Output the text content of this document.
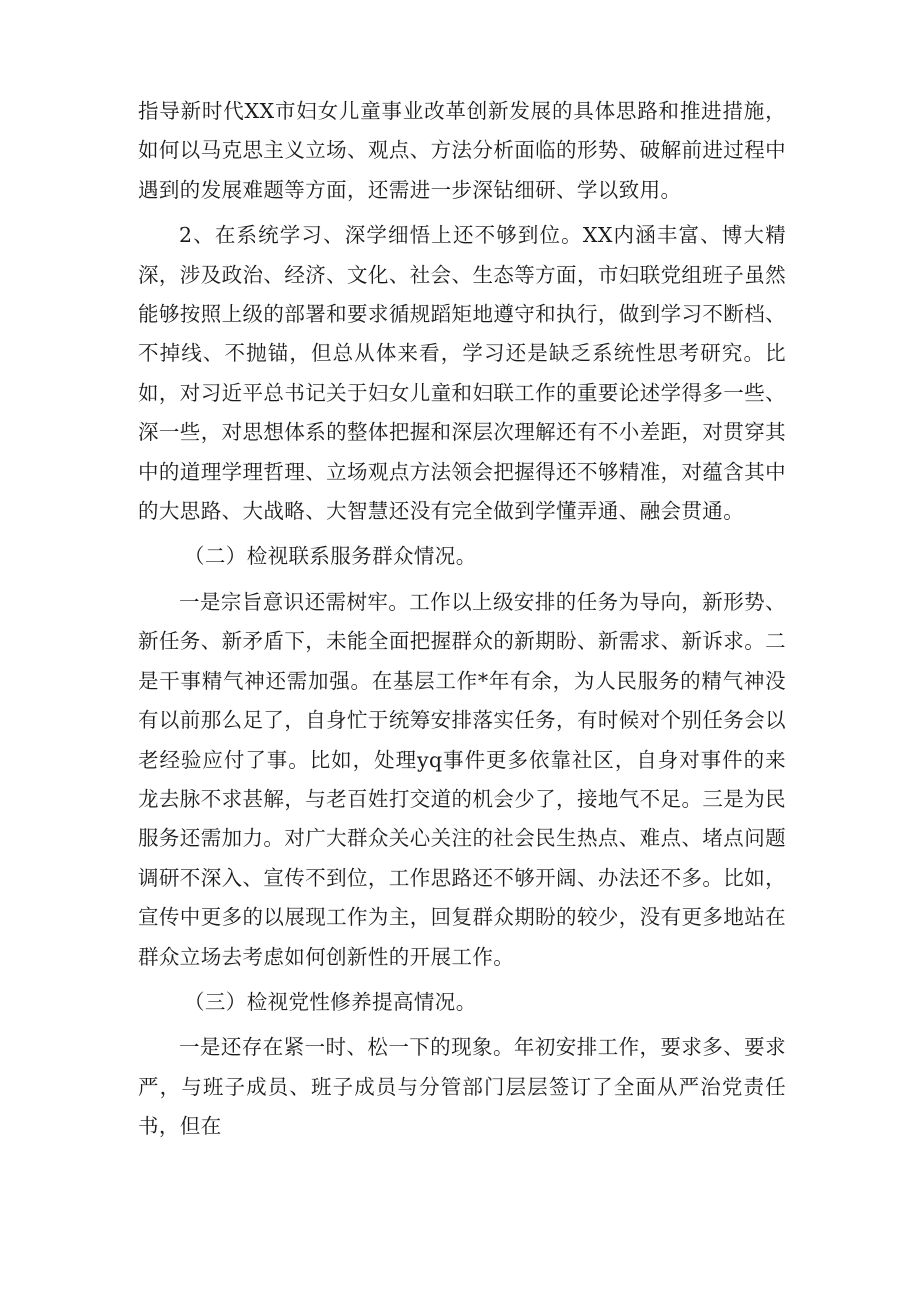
指导新时代XX市妇女儿童事业改革创新发展的具体思路和推进措施，如何以马克思主义立场、观点、方法分析面临的形势、破解前进过程中遇到的发展难题等方面，还需进一步深钻细研、学以致用。

2、在系统学习、深学细悟上还不够到位。XX内涵丰富、博大精深，涉及政治、经济、文化、社会、生态等方面，市妇联党组班子虽然能够按照上级的部署和要求循规蹈矩地遵守和执行，做到学习不断档、不掉线、不抛锚，但总从体来看，学习还是缺乏系统性思考研究。比如，对习近平总书记关于妇女儿童和妇联工作的重要论述学得多一些、深一些，对思想体系的整体把握和深层次理解还有不小差距，对贯穿其中的道理学理哲理、立场观点方法领会把握得还不够精准，对蕴含其中的大思路、大战略、大智慧还没有完全做到学懂弄通、融会贯通。

（二）检视联系服务群众情况。

一是宗旨意识还需树牢。工作以上级安排的任务为导向，新形势、新任务、新矛盾下，未能全面把握群众的新期盼、新需求、新诉求。二是干事精气神还需加强。在基层工作*年有余，为人民服务的精气神没有以前那么足了，自身忙于统筹安排落实任务，有时候对个别任务会以老经验应付了事。比如，处理yq事件更多依靠社区，自身对事件的来龙去脉不求甚解，与老百姓打交道的机会少了，接地气不足。三是为民服务还需加力。对广大群众关心关注的社会民生热点、难点、堵点问题调研不深入、宣传不到位，工作思路还不够开阔、办法还不多。比如，宣传中更多的以展现工作为主，回复群众期盼的较少，没有更多地站在群众立场去考虑如何创新性的开展工作。

（三）检视党性修养提高情况。

一是还存在紧一时、松一下的现象。年初安排工作，要求多、要求严，与班子成员、班子成员与分管部门层层签订了全面从严治党责任书，但在
